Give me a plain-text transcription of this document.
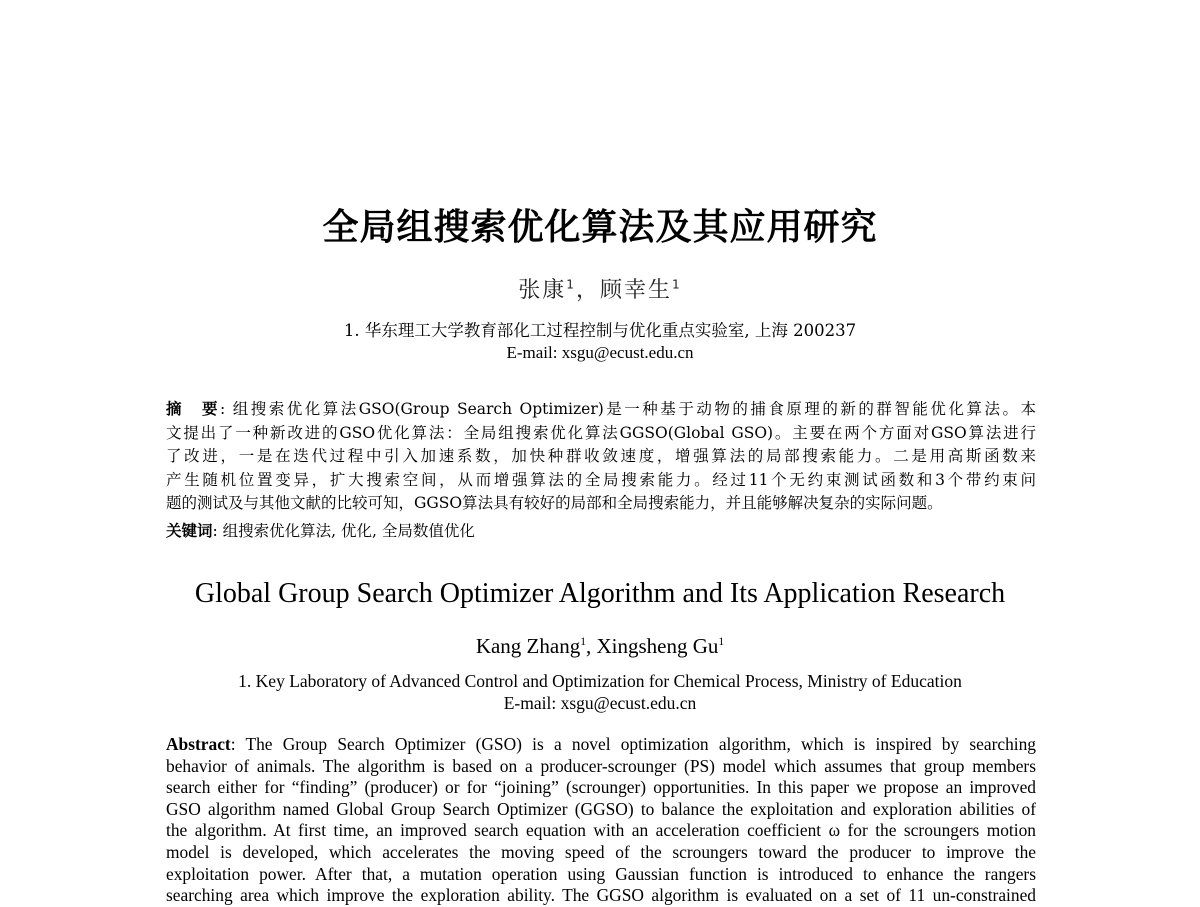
全局组搜索优化算法及其应用研究
张康$^1$，顾幸生$^1$
1. 华东理工大学教育部化工过程控制与优化重点实验室, 上海 200237
E-mail: xsgu@ecust.edu.cn
摘　要: 组搜索优化算法GSO(Group Search Optimizer)是一种基于动物的捕食原理的新的群智能优化算法。本
文提出了一种新改进的GSO优化算法：全局组搜索优化算法GGSO(Global GSO)。主要在两个方面对GSO算法进行
了改进，一是在迭代过程中引入加速系数，加快种群收敛速度，增强算法的局部搜索能力。二是用高斯函数来
产生随机位置变异，扩大搜索空间，从而增强算法的全局搜索能力。经过11个无约束测试函数和3个带约束问
题的测试及与其他文献的比较可知，GGSO算法具有较好的局部和全局搜索能力，并且能够解决复杂的实际问题。
关键词: 组搜索优化算法, 优化, 全局数值优化
Global Group Search Optimizer Algorithm and Its Application Research
Kang Zhang$^1$, Xingsheng Gu$^1$
1. Key Laboratory of Advanced Control and Optimization for Chemical Process, Ministry of Education
E-mail: xsgu@ecust.edu.cn
Abstract: The Group Search Optimizer (GSO) is a novel optimization algorithm, which is inspired by searching
behavior of animals. The algorithm is based on a producer-scrounger (PS) model which assumes that group members
search either for “finding” (producer) or for “joining” (scrounger) opportunities. In this paper we propose an improved
GSO algorithm named Global Group Search Optimizer (GGSO) to balance the exploitation and exploration abilities of
the algorithm. At first time, an improved search equation with an acceleration coefficient ω for the scroungers motion
model is developed, which accelerates the moving speed of the scroungers toward the producer to improve the
exploitation power. After that, a mutation operation using Gaussian function is introduced to enhance the rangers
searching area which improve the exploration ability. The GGSO algorithm is evaluated on a set of 11 un-constrained
